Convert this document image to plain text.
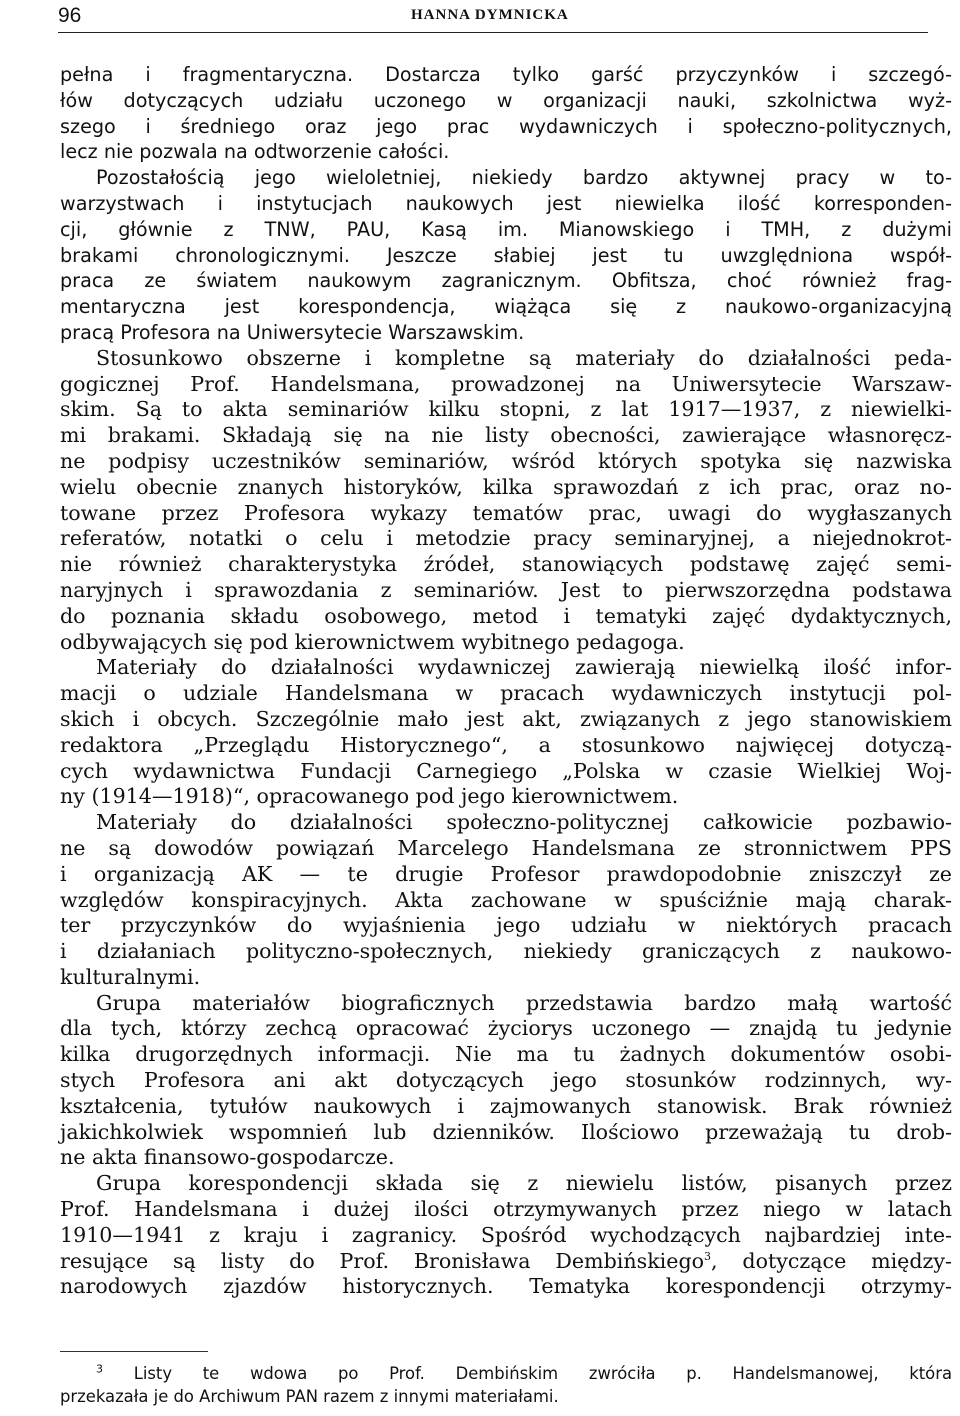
96	HANNA DYMNICKA
pełna i fragmentaryczna. Dostarcza tylko garść przyczynków i szczegó-
łów dotyczących udziału uczonego w organizacji nauki, szkolnictwa wyż-
szego i średniego oraz jego prac wydawniczych i społeczno-politycznych,
lecz nie pozwala na odtworzenie całości.
Pozostałością jego wieloletniej, niekiedy bardzo aktywnej pracy w to-
warzystwach i instytucjach naukowych jest niewielka ilość korresponden-
cji, głównie z TNW, PAU, Kasą im. Mianowskiego i TMH, z dużymi
brakami chronologicznymi. Jeszcze słabiej jest tu uwzględniona współ-
praca ze światem naukowym zagranicznym. Obfitsza, choć również frag-
mentaryczna jest korespondencja, wiążąca się z naukowo-organizacyjną
pracą Profesora na Uniwersytecie Warszawskim.
Stosunkowo obszerne i kompletne są materiały do działalności peda-
gogicznej Prof. Handelsmana, prowadzonej na Uniwersytecie Warszaw-
skim. Są to akta seminariów kilku stopni, z lat 1917—1937, z niewielki-
mi brakami. Składają się na nie listy obecności, zawierające własnoręcz-
ne podpisy uczestników seminariów, wśród których spotyka się nazwiska
wielu obecnie znanych historyków, kilka sprawozdań z ich prac, oraz no-
towane przez Profesora wykazy tematów prac, uwagi do wygłaszanych
referatów, notatki o celu i metodzie pracy seminaryjnej, a niejednokrot-
nie również charakterystyka źródeł, stanowiących podstawę zajęć semi-
naryjnych i sprawozdania z seminariów. Jest to pierwszorzędna podstawa
do poznania składu osobowego, metod i tematyki zajęć dydaktycznych,
odbywających się pod kierownictwem wybitnego pedagoga.
Materiały do działalności wydawniczej zawierają niewielką ilość infor-
macji o udziale Handelsmana w pracach wydawniczych instytucji pol-
skich i obcych. Szczególnie mało jest akt, związanych z jego stanowiskiem
redaktora „Przeglądu Historycznego“, a stosunkowo najwięcej dotyczą-
cych wydawnictwa Fundacji Carnegiego „Polska w czasie Wielkiej Woj-
ny (1914—1918)“, opracowanego pod jego kierownictwem.
Materiały do działalności społeczno-politycznej całkowicie pozbawio-
ne są dowodów powiązań Marcelego Handelsmana ze stronnictwem PPS
i organizacją AK — te drugie Profesor prawdopodobnie zniszczył ze
względów konspiracyjnych. Akta zachowane w spuściźnie mają charak-
ter przyczynków do wyjaśnienia jego udziału w niektórych pracach
i działaniach polityczno-społecznych, niekiedy graniczących z naukowo-
kulturalnymi.
Grupa materiałów biograficznych przedstawia bardzo małą wartość
dla tych, którzy zechcą opracować życiorys uczonego — znajdą tu jedynie
kilka drugorzędnych informacji. Nie ma tu żadnych dokumentów osobi-
stych Profesora ani akt dotyczących jego stosunków rodzinnych, wy-
kształcenia, tytułów naukowych i zajmowanych stanowisk. Brak również
jakichkolwiek wspomnień lub dzienników. Ilościowo przeważają tu drob-
ne akta finansowo-gospodarcze.
Grupa korespondencji składa się z niewielu listów, pisanych przez
Prof. Handelsmana i dużej ilości otrzymywanych przez niego w latach
1910—1941 z kraju i zagranicy. Spośród wychodzących najbardziej inte-
resujące są listy do Prof. Bronisława Dembińskiego$^3$, dotyczące między-
narodowych zjazdów historycznych. Tematyka korespondencji otrzymy-
$^3$ Listy te wdowa po Prof. Dembińskim zwróciła p. Handelsmanowej, która
przekazała je do Archiwum PAN razem z innymi materiałami.
